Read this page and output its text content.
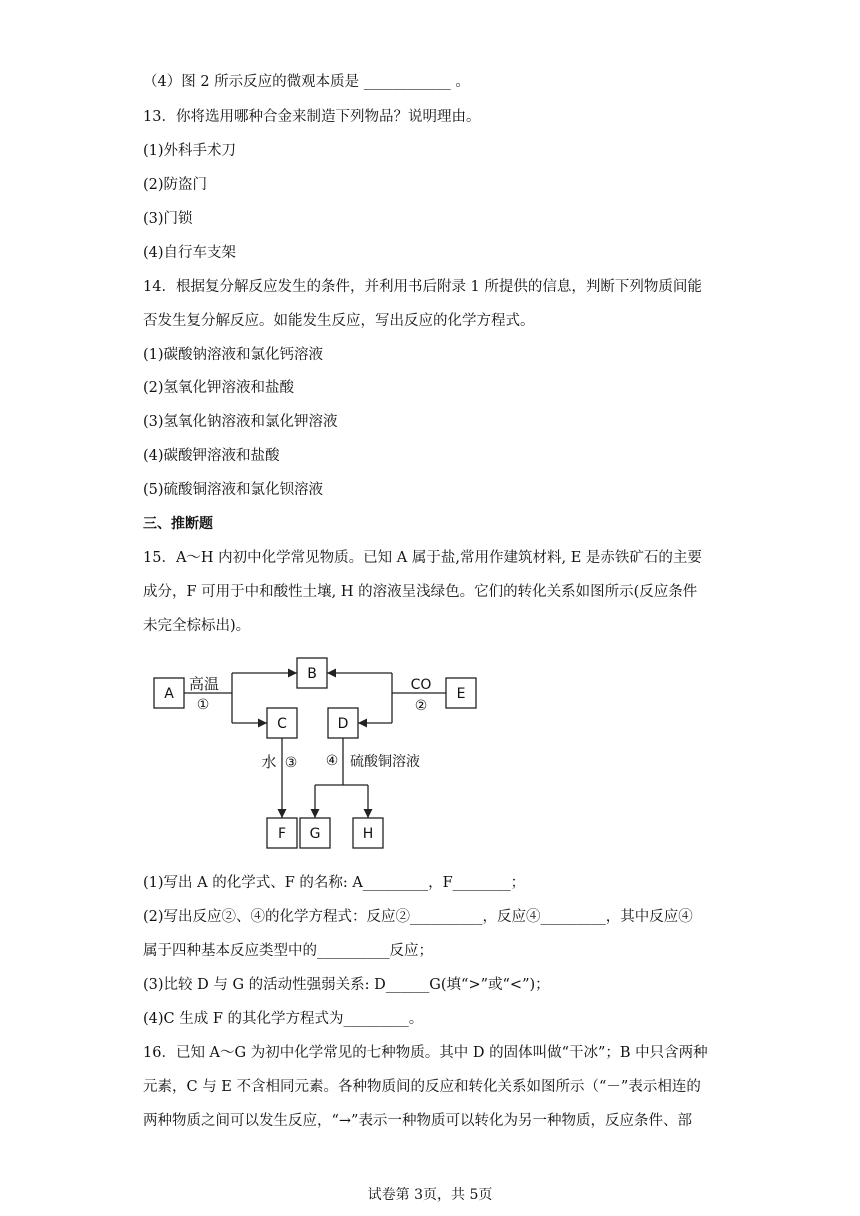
（4）图 2 所示反应的微观本质是 ____________ 。
13．你将选用哪种合金来制造下列物品？说明理由。
(1)外科手术刀
(2)防盗门
(3)门锁
(4)自行车支架
14．根据复分解反应发生的条件，并利用书后附录 1 所提供的信息，判断下列物质间能
否发生复分解反应。如能发生反应，写出反应的化学方程式。
(1)碳酸钠溶液和氯化钙溶液
(2)氢氧化钾溶液和盐酸
(3)氢氧化钠溶液和氯化钾溶液
(4)碳酸钾溶液和盐酸
(5)硫酸铜溶液和氯化钡溶液
三、推断题
15．A～H 内初中化学常见物质。已知 A 属于盐,常用作建筑材料, E 是赤铁矿石的主要
成分，F 可用于中和酸性土壤, H 的溶液呈浅绿色。它们的转化关系如图所示(反应条件
未完全棕标出)。
A
B
C	D
E
F G	H
高温
①
CO
②
水 ③ ④ 硫酸铜溶液
(1)写出 A 的化学式、F 的名称: A_________，F________；
(2)写出反应②、④的化学方程式：反应②__________，反应④_________，其中反应④
属于四种基本反应类型中的__________反应；
(3)比较 D 与 G 的活动性强弱关系: D______G(填“>”或“<”)；
(4)C 生成 F 的其化学方程式为_________。
16．已知 A～G 为初中化学常见的七种物质。其中 D 的固体叫做“干冰”；B 中只含两种
元素，C 与 E 不含相同元素。各种物质间的反应和转化关系如图所示（“－”表示相连的
两种物质之间可以发生反应，“→”表示一种物质可以转化为另一种物质，反应条件、部
试卷第 3页，共 5页
